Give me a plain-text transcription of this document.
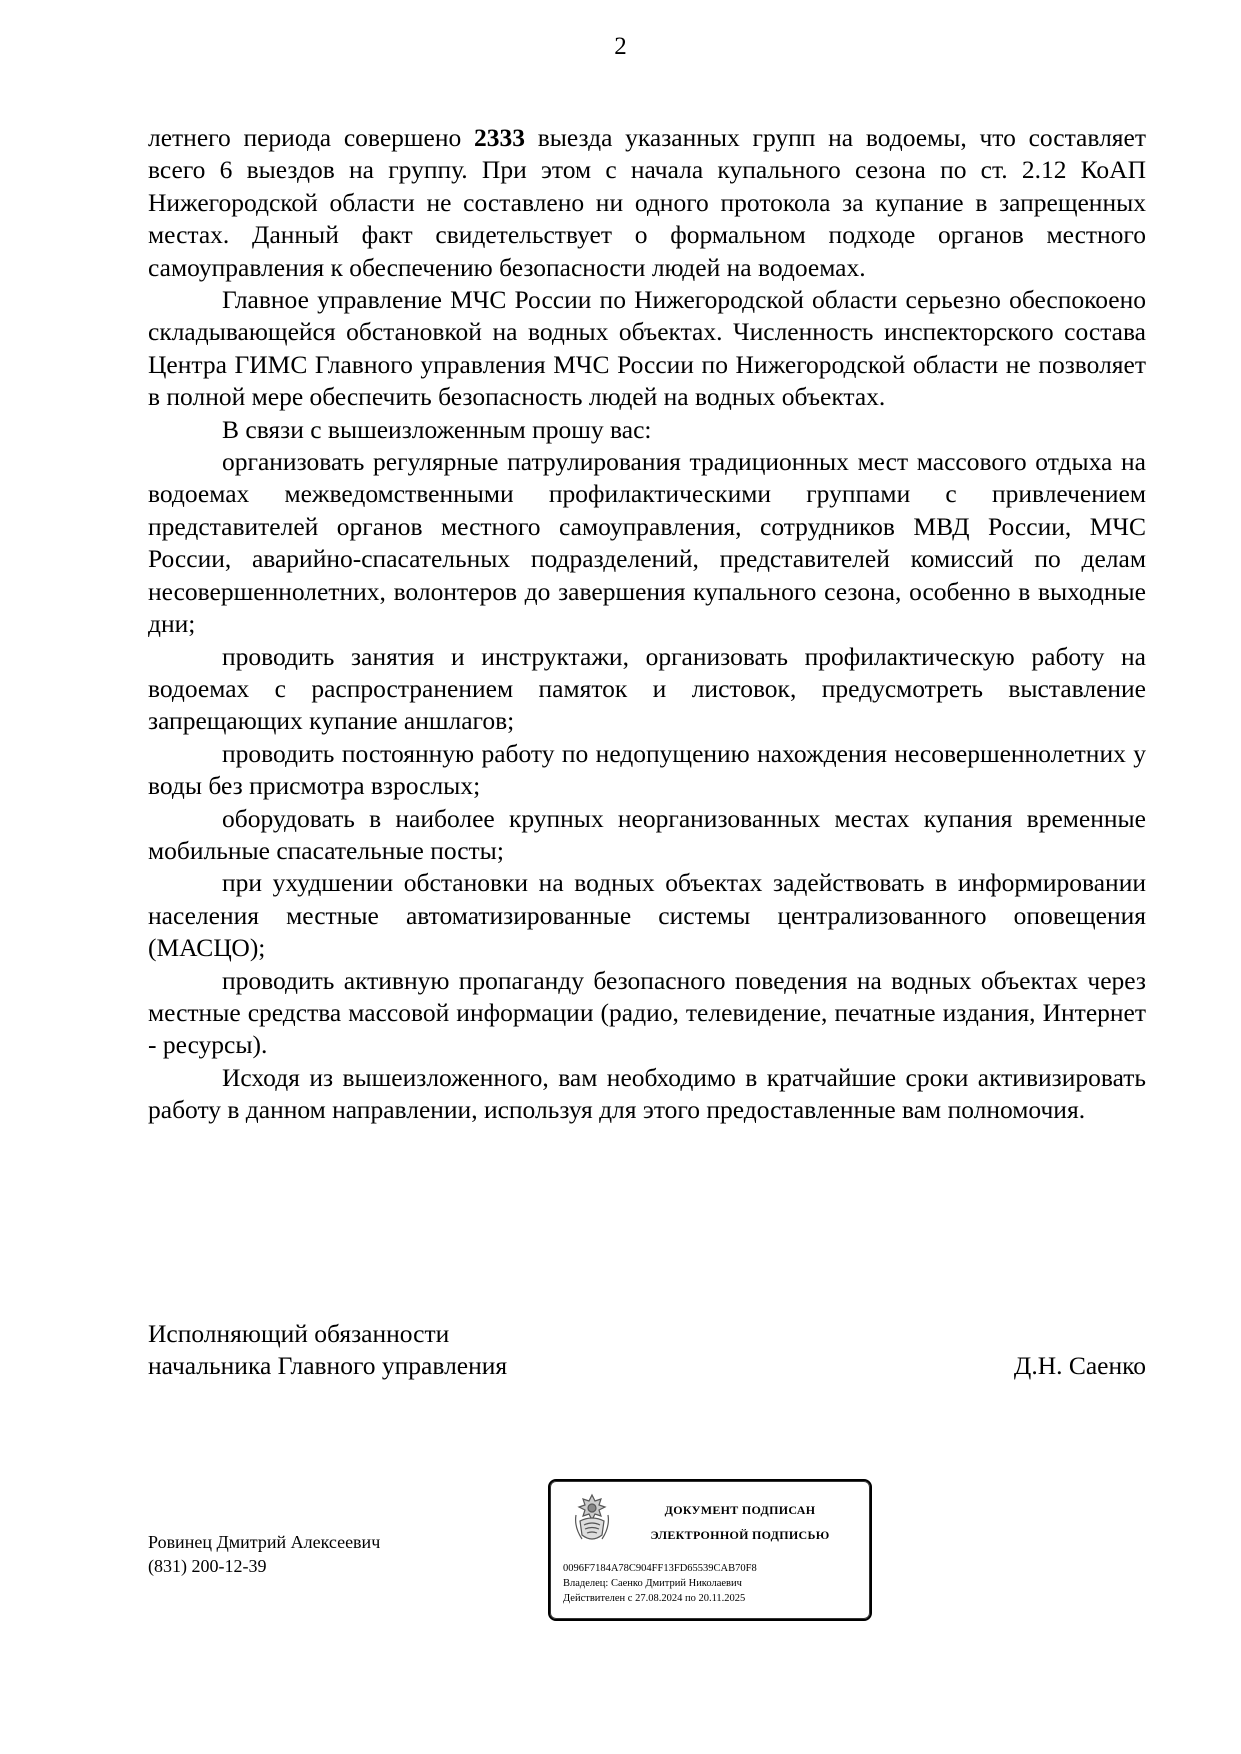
2

летнего периода совершено 2333 выезда указанных групп на водоемы, что составляет всего 6 выездов на группу. При этом с начала купального сезона по ст. 2.12 КоАП Нижегородской области не составлено ни одного протокола за купание в запрещенных местах. Данный факт свидетельствует о формальном подходе органов местного самоуправления к обеспечению безопасности людей на водоемах.

Главное управление МЧС России по Нижегородской области серьезно обеспокоено складывающейся обстановкой на водных объектах. Численность инспекторского состава Центра ГИМС Главного управления МЧС России по Нижегородской области не позволяет в полной мере обеспечить безопасность людей на водных объектах.

В связи с вышеизложенным прошу вас:

организовать регулярные патрулирования традиционных мест массового отдыха на водоемах межведомственными профилактическими группами с привлечением представителей органов местного самоуправления, сотрудников МВД России, МЧС России, аварийно-спасательных подразделений, представителей комиссий по делам несовершеннолетних, волонтеров до завершения купального сезона, особенно в выходные дни;

проводить занятия и инструктажи, организовать профилактическую работу на водоемах с распространением памяток и листовок, предусмотреть выставление запрещающих купание аншлагов;

проводить постоянную работу по недопущению нахождения несовершеннолетних у воды без присмотра взрослых;

оборудовать в наиболее крупных неорганизованных местах купания временные мобильные спасательные посты;

при ухудшении обстановки на водных объектах задействовать в информировании населения местные автоматизированные системы централизованного оповещения (МАСЦО);

проводить активную пропаганду безопасного поведения на водных объектах через местные средства массовой информации (радио, телевидение, печатные издания, Интернет - ресурсы).

Исходя из вышеизложенного, вам необходимо в кратчайшие сроки активизировать работу в данном направлении, используя для этого предоставленные вам полномочия.

Исполняющий обязанности
начальника Главного управления	Д.Н. Саенко
Ровинец Дмитрий Алексеевич
(831) 200-12-39
ДОКУМЕНТ ПОДПИСАН
ЭЛЕКТРОННОЙ ПОДПИСЬЮ
0096F7184A78C904FF13FD65539CAB70F8
Владелец: Саенко Дмитрий Николаевич
Действителен с 27.08.2024 по 20.11.2025
